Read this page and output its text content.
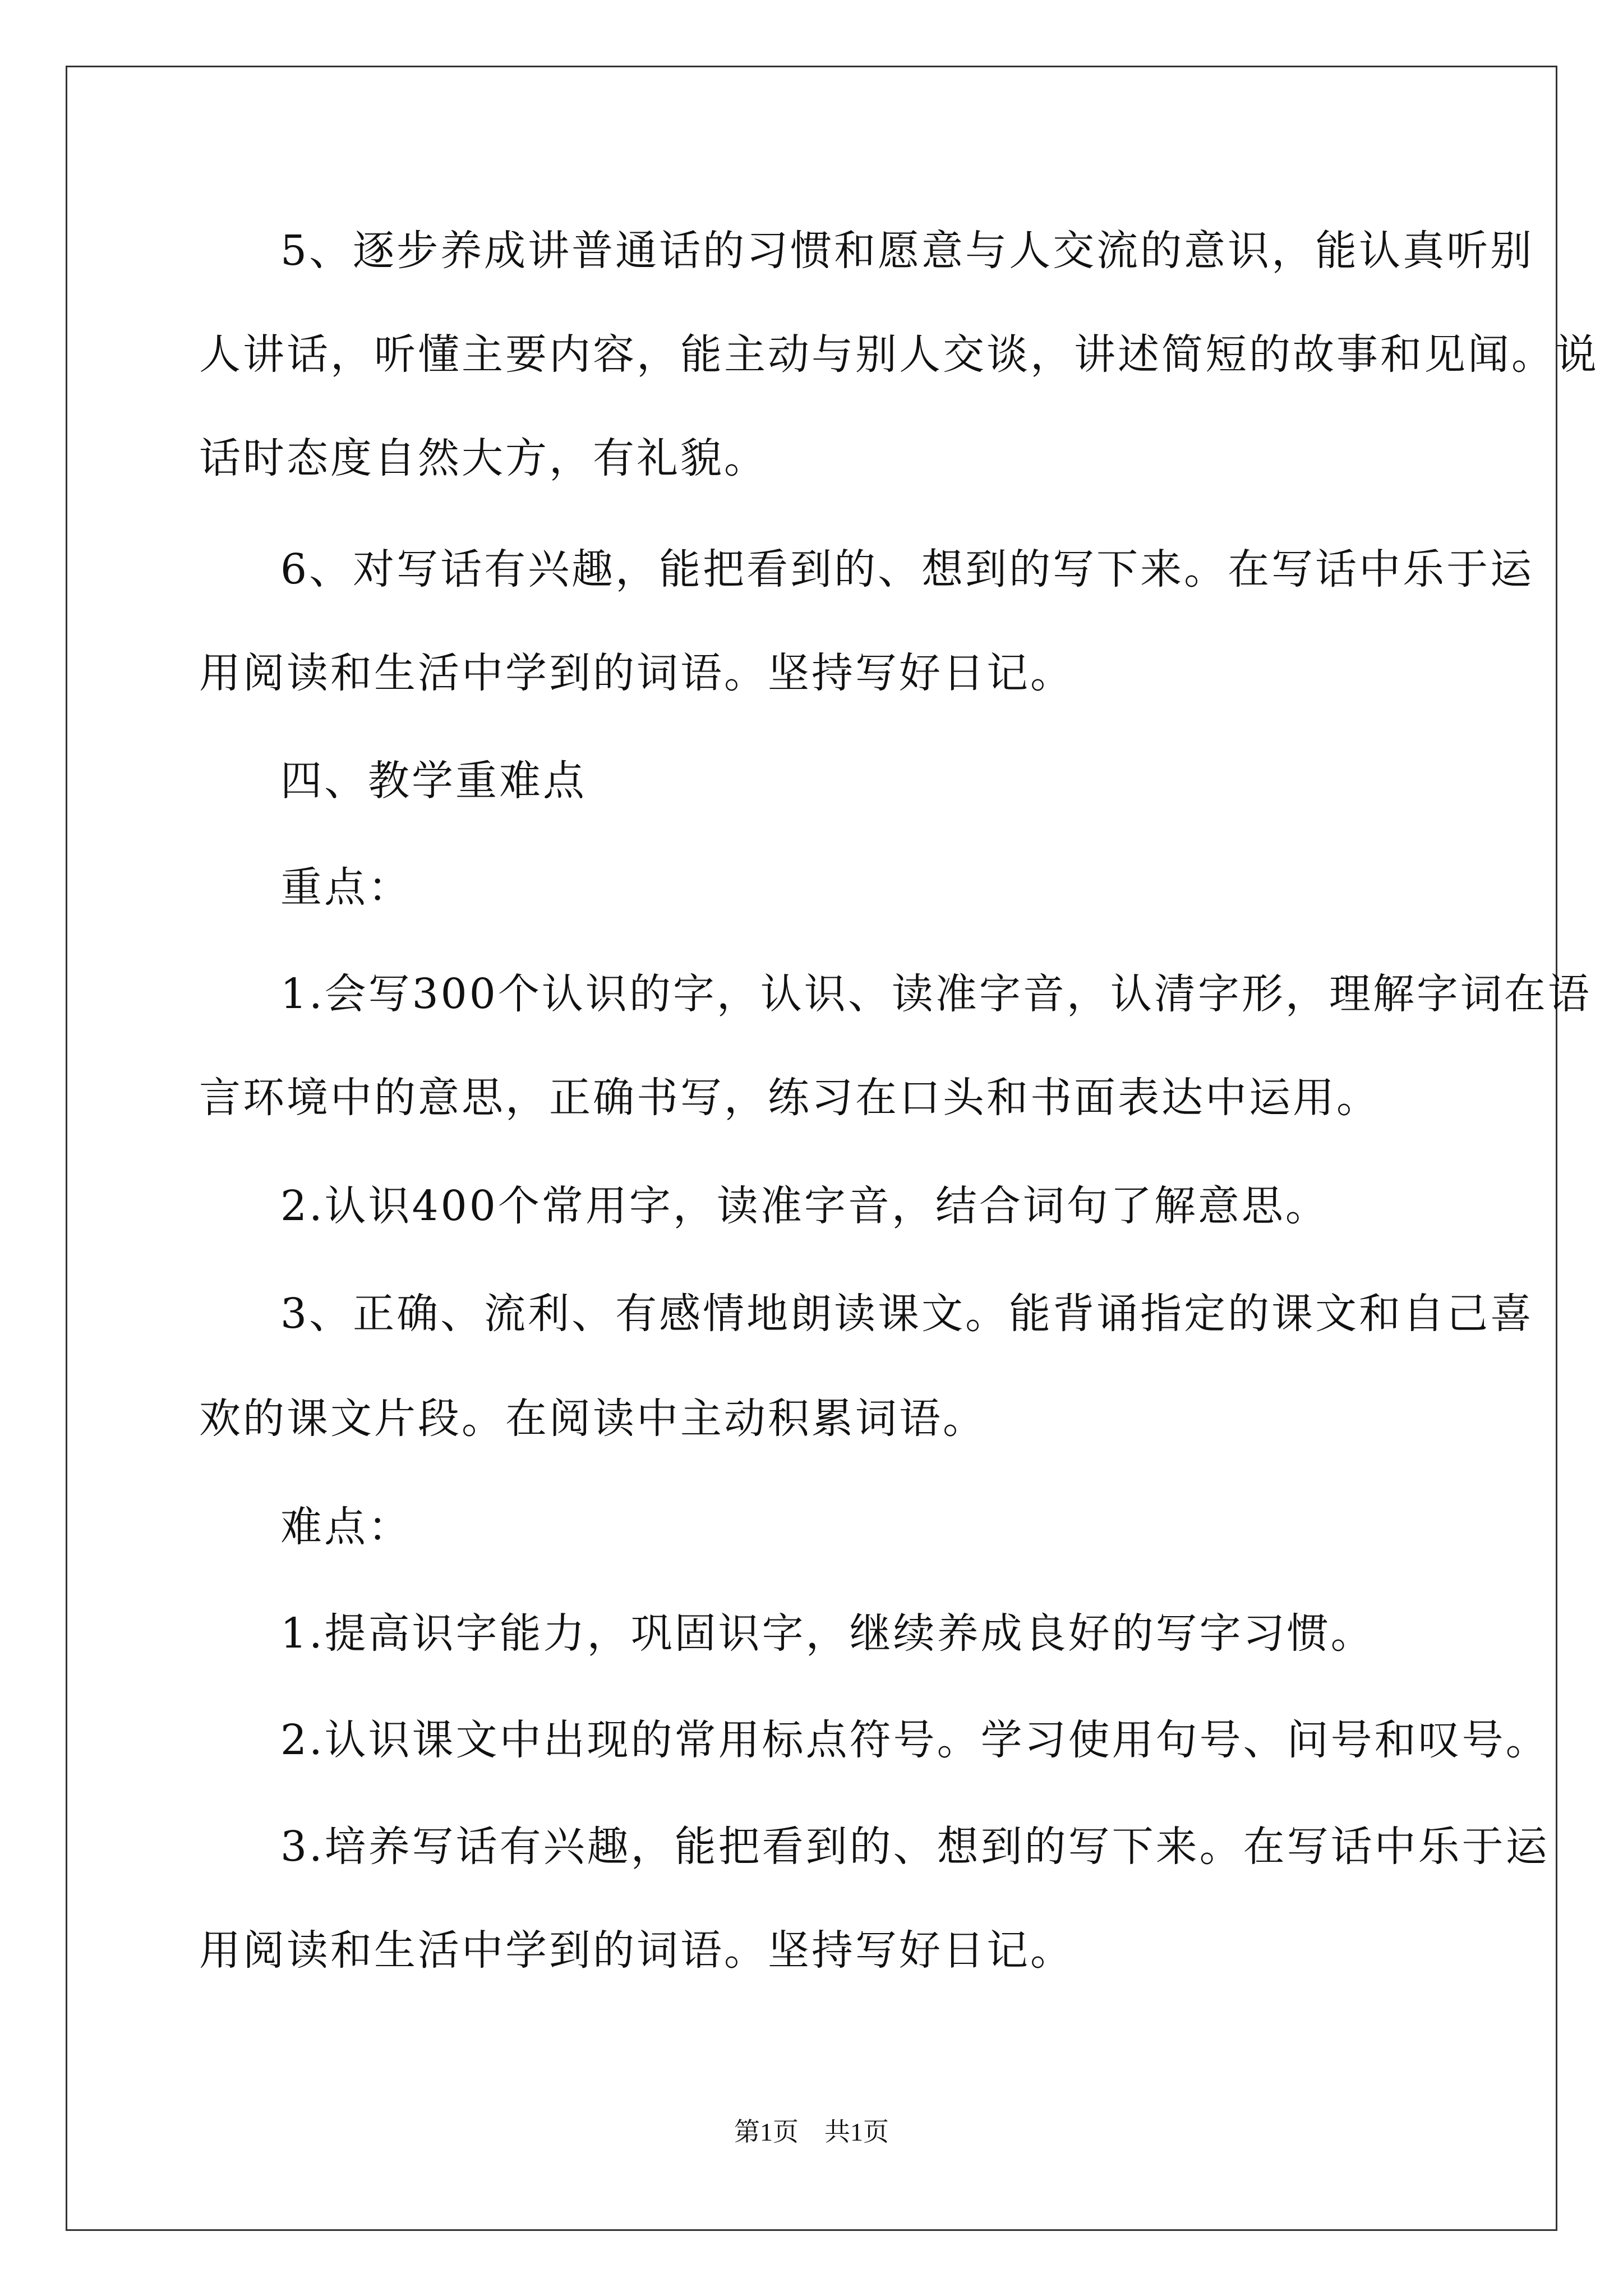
5、逐步养成讲普通话的习惯和愿意与人交流的意识，能认真听别
人讲话，听懂主要内容，能主动与别人交谈，讲述简短的故事和见闻。说
话时态度自然大方，有礼貌。
6、对写话有兴趣，能把看到的、想到的写下来。在写话中乐于运
用阅读和生活中学到的词语。坚持写好日记。
四、教学重难点
重点：
1.会写300个认识的字，认识、读准字音，认清字形，理解字词在语
言环境中的意思，正确书写，练习在口头和书面表达中运用。
2.认识400个常用字，读准字音，结合词句了解意思。
3、正确、流利、有感情地朗读课文。能背诵指定的课文和自己喜
欢的课文片段。在阅读中主动积累词语。
难点：
1.提高识字能力，巩固识字，继续养成良好的写字习惯。
2.认识课文中出现的常用标点符号。学习使用句号、问号和叹号。
3.培养写话有兴趣，能把看到的、想到的写下来。在写话中乐于运
用阅读和生活中学到的词语。坚持写好日记。
第1页　共1页
